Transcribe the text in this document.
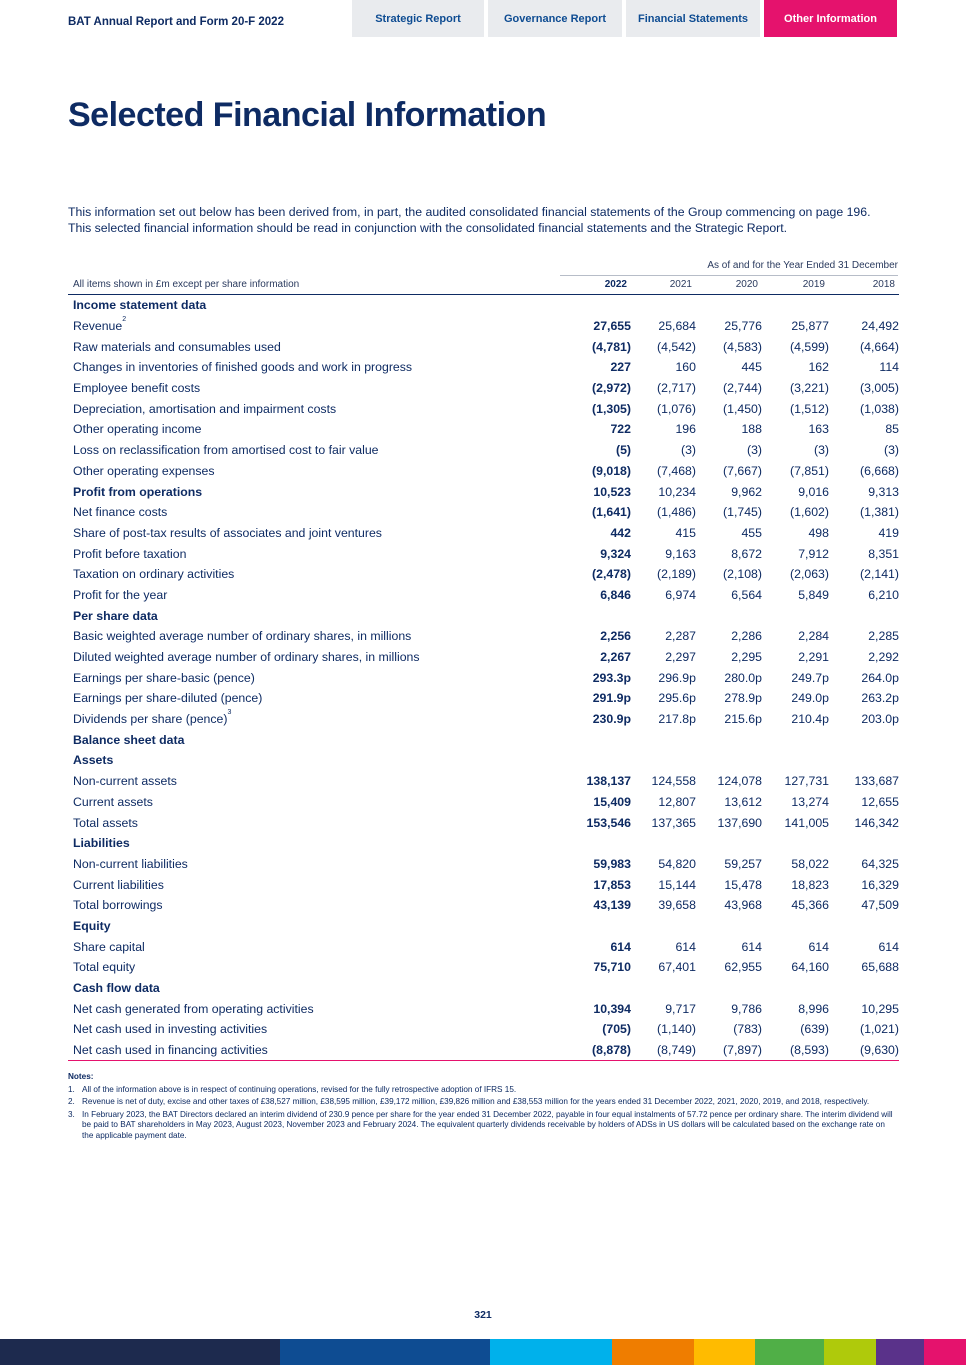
BAT Annual Report and Form 20-F 2022	Strategic Report	Governance Report	Financial Statements	Other Information
Selected Financial Information

This information set out below has been derived from, in part, the audited consolidated financial statements of the Group commencing on page 196. This selected financial information should be read in conjunction with the consolidated financial statements and the Strategic Report.

As of and for the Year Ended 31 December
All items shown in £m except per share information	2022	2021	2020	2019	2018
Income statement data					
Revenue$^2$	27,655	25,684	25,776	25,877	24,492
Raw materials and consumables used	(4,781)	(4,542)	(4,583)	(4,599)	(4,664)
Changes in inventories of finished goods and work in progress	227	160	445	162	114
Employee benefit costs	(2,972)	(2,717)	(2,744)	(3,221)	(3,005)
Depreciation, amortisation and impairment costs	(1,305)	(1,076)	(1,450)	(1,512)	(1,038)
Other operating income	722	196	188	163	85
Loss on reclassification from amortised cost to fair value	(5)	(3)	(3)	(3)	(3)
Other operating expenses	(9,018)	(7,468)	(7,667)	(7,851)	(6,668)
Profit from operations	10,523	10,234	9,962	9,016	9,313
Net finance costs	(1,641)	(1,486)	(1,745)	(1,602)	(1,381)
Share of post-tax results of associates and joint ventures	442	415	455	498	419
Profit before taxation	9,324	9,163	8,672	7,912	8,351
Taxation on ordinary activities	(2,478)	(2,189)	(2,108)	(2,063)	(2,141)
Profit for the year	6,846	6,974	6,564	5,849	6,210
Per share data					
Basic weighted average number of ordinary shares, in millions	2,256	2,287	2,286	2,284	2,285
Diluted weighted average number of ordinary shares, in millions	2,267	2,297	2,295	2,291	2,292
Earnings per share-basic (pence)	293.3p	296.9p	280.0p	249.7p	264.0p
Earnings per share-diluted (pence)	291.9p	295.6p	278.9p	249.0p	263.2p
Dividends per share (pence)$^3$	230.9p	217.8p	215.6p	210.4p	203.0p
Balance sheet data					
Assets					
Non-current assets	138,137	124,558	124,078	127,731	133,687
Current assets	15,409	12,807	13,612	13,274	12,655
Total assets	153,546	137,365	137,690	141,005	146,342
Liabilities					
Non-current liabilities	59,983	54,820	59,257	58,022	64,325
Current liabilities	17,853	15,144	15,478	18,823	16,329
Total borrowings	43,139	39,658	43,968	45,366	47,509
Equity					
Share capital	614	614	614	614	614
Total equity	75,710	67,401	62,955	64,160	65,688
Cash flow data					
Net cash generated from operating activities	10,394	9,717	9,786	8,996	10,295
Net cash used in investing activities	(705)	(1,140)	(783)	(639)	(1,021)
Net cash used in financing activities	(8,878)	(8,749)	(7,897)	(8,593)	(9,630)
Notes:
1. All of the information above is in respect of continuing operations, revised for the fully retrospective adoption of IFRS 15.
2. Revenue is net of duty, excise and other taxes of £38,527 million, £38,595 million, £39,172 million, £39,826 million and £38,553 million for the years ended 31 December 2022, 2021, 2020, 2019, and 2018, respectively.
3. In February 2023, the BAT Directors declared an interim dividend of 230.9 pence per share for the year ended 31 December 2022, payable in four equal instalments of 57.72 pence per ordinary share. The interim dividend will be paid to BAT shareholders in May 2023, August 2023, November 2023 and February 2024. The equivalent quarterly dividends receivable by holders of ADSs in US dollars will be calculated based on the exchange rate on the applicable payment date.
321
